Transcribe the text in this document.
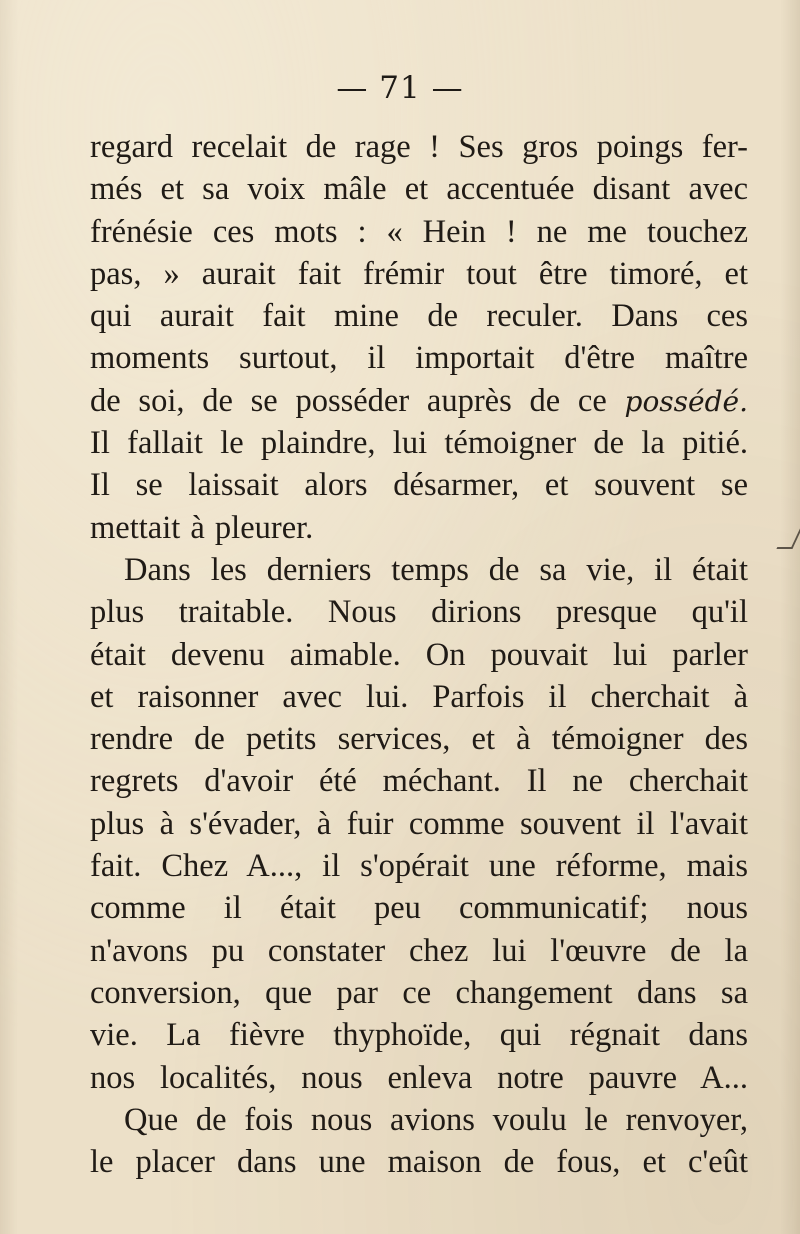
— 71 —
regard recelait de rage ! Ses gros poings fer-
més et sa voix mâle et accentuée disant avec
frénésie ces mots : « Hein ! ne me touchez
pas, » aurait fait frémir tout être timoré, et
qui aurait fait mine de reculer. Dans ces
moments surtout, il importait d'être maître
de soi, de se posséder auprès de ce possédé.
Il fallait le plaindre, lui témoigner de la pitié.
Il se laissait alors désarmer, et souvent se
mettait à pleurer.
Dans les derniers temps de sa vie, il était
plus traitable. Nous dirions presque qu'il
était devenu aimable. On pouvait lui parler
et raisonner avec lui. Parfois il cherchait à
rendre de petits services, et à témoigner des
regrets d'avoir été méchant. Il ne cherchait
plus à s'évader, à fuir comme souvent il l'avait
fait. Chez A..., il s'opérait une réforme, mais
comme il était peu communicatif; nous
n'avons pu constater chez lui l'œuvre de la
conversion, que par ce changement dans sa
vie. La fièvre thyphoïde, qui régnait dans
nos localités, nous enleva notre pauvre A...
Que de fois nous avions voulu le renvoyer,
le placer dans une maison de fous, et c'eût
